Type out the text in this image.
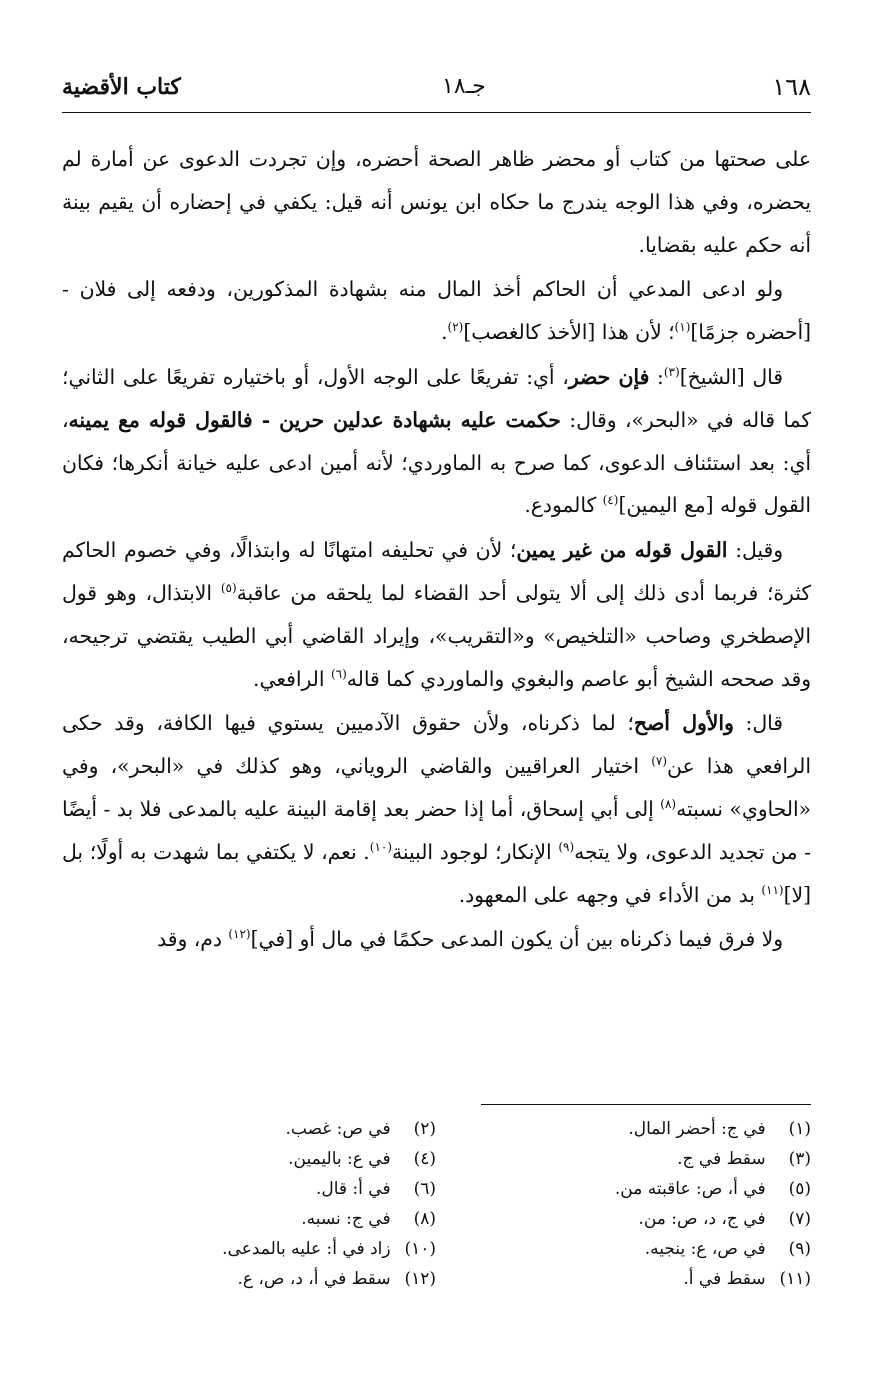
١٦٨
جـ١٨
كتاب الأقضية

على صحتها من كتاب أو محضر ظاهر الصحة أحضره، وإن تجردت الدعوى عن أمارة لم يحضره، وفي هذا الوجه يندرج ما حكاه ابن يونس أنه قيل: يكفي في إحضاره أن يقيم بينة أنه حكم عليه بقضايا.

ولو ادعى المدعي أن الحاكم أخذ المال منه بشهادة المذكورين، ودفعه إلى فلان - [أحضره جزمًا]$^{(١)}$؛ لأن هذا [الأخذ كالغصب]$^{(٢)}$.

قال [الشيخ]$^{(٣)}$: فإن حضر، أي: تفريعًا على الوجه الأول، أو باختياره تفريعًا على الثاني؛ كما قاله في «البحر»، وقال: حكمت عليه بشهادة عدلين حرين - فالقول قوله مع يمينه، أي: بعد استئناف الدعوى، كما صرح به الماوردي؛ لأنه أمين ادعى عليه خيانة أنكرها؛ فكان القول قوله [مع اليمين]$^{(٤)}$ كالمودع.

وقيل: القول قوله من غير يمين؛ لأن في تحليفه امتهانًا له وابتذالًا، وفي خصوم الحاكم كثرة؛ فربما أدى ذلك إلى ألا يتولى أحد القضاء لما يلحقه من عاقبة$^{(٥)}$ الابتذال، وهو قول الإصطخري وصاحب «التلخيص» و«التقريب»، وإيراد القاضي أبي الطيب يقتضي ترجيحه، وقد صححه الشيخ أبو عاصم والبغوي والماوردي كما قاله$^{(٦)}$ الرافعي.

قال: والأول أصح؛ لما ذكرناه، ولأن حقوق الآدميين يستوي فيها الكافة، وقد حكى الرافعي هذا عن$^{(٧)}$ اختيار العراقيين والقاضي الروياني، وهو كذلك في «البحر»، وفي «الحاوي» نسبته$^{(٨)}$ إلى أبي إسحاق، أما إذا حضر بعد إقامة البينة عليه بالمدعى فلا بد - أيضًا - من تجديد الدعوى، ولا يتجه$^{(٩)}$ الإنكار؛ لوجود البينة$^{(١٠)}$. نعم، لا يكتفي بما شهدت به أولًا؛ بل [لا]$^{(١١)}$ بد من الأداء في وجهه على المعهود.

ولا فرق فيما ذكرناه بين أن يكون المدعى حكمًا في مال أو [في]$^{(١٢)}$ دم، وقد

(١) في ج: أحضر المال.
(٣) سقط في ج.
(٥) في أ، ص: عاقبته من.
(٧) في ج، د، ص: من.
(٩) في ص، ع: ينجيه.
(١١) سقط في أ.
(٢) في ص: غصب.
(٤) في ع: باليمين.
(٦) في أ: قال.
(٨) في ج: نسبه.
(١٠) زاد في أ: عليه بالمدعى.
(١٢) سقط في أ، د، ص، ع.
